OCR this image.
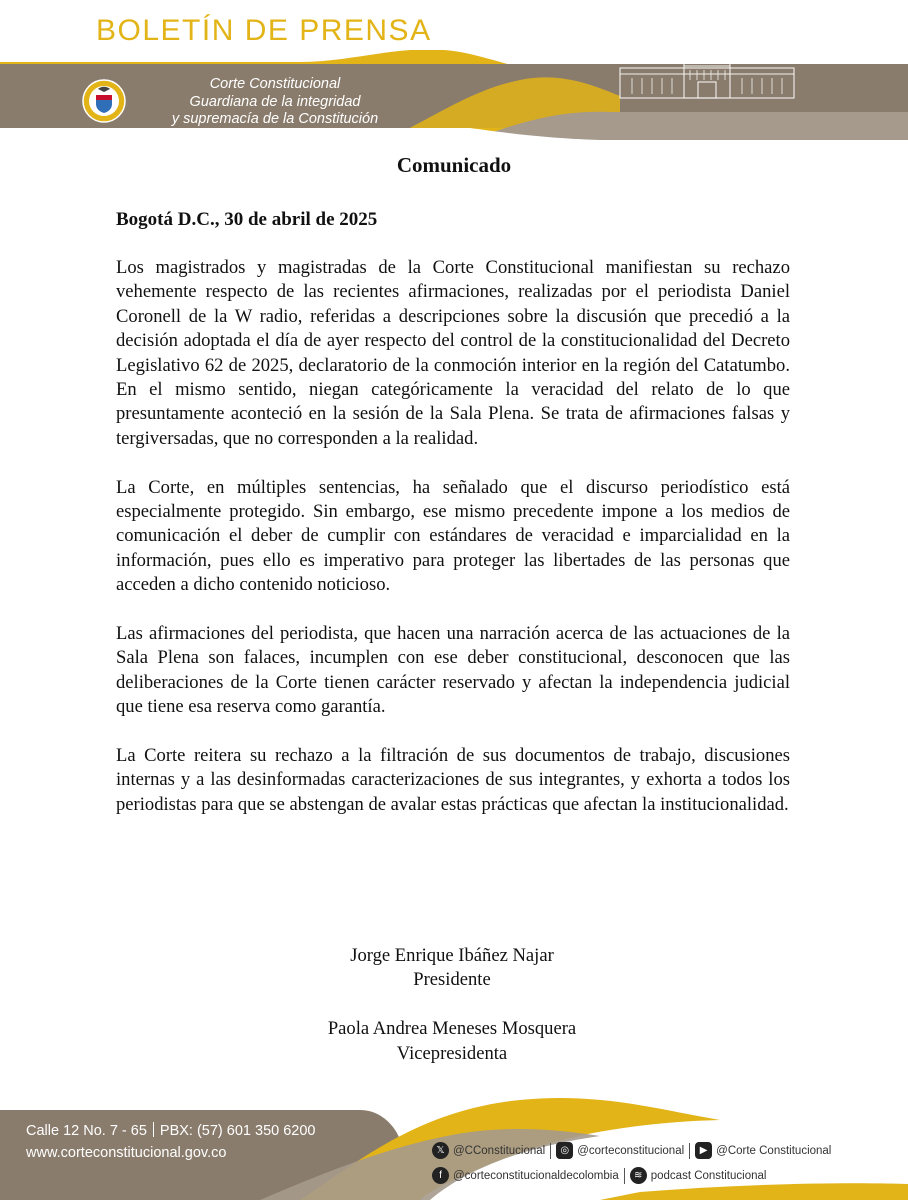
BOLETÍN DE PRENSA
Corte Constitucional
Guardiana de la integridad
y supremacía de la Constitución
Comunicado

Bogotá D.C., 30 de abril de 2025

Los magistrados y magistradas de la Corte Constitucional manifiestan su rechazo vehemente respecto de las recientes afirmaciones, realizadas por el periodista Daniel Coronell de la W radio, referidas a descripciones sobre la discusión que precedió a la decisión adoptada el día de ayer respecto del control de la constitucionalidad del Decreto Legislativo 62 de 2025, declaratorio de la conmoción interior en la región del Catatumbo. En el mismo sentido, niegan categóricamente la veracidad del relato de lo que presuntamente aconteció en la sesión de la Sala Plena. Se trata de afirmaciones falsas y tergiversadas, que no corresponden a la realidad.

La Corte, en múltiples sentencias, ha señalado que el discurso periodístico está especialmente protegido. Sin embargo, ese mismo precedente impone a los medios de comunicación el deber de cumplir con estándares de veracidad e imparcialidad en la información, pues ello es imperativo para proteger las libertades de las personas que acceden a dicho contenido noticioso.

Las afirmaciones del periodista, que hacen una narración acerca de las actuaciones de la Sala Plena son falaces, incumplen con ese deber constitucional, desconocen que las deliberaciones de la Corte tienen carácter reservado y afectan la independencia judicial que tiene esa reserva como garantía.

La Corte reitera su rechazo a la filtración de sus documentos de trabajo, discusiones internas y a las desinformadas caracterizaciones de sus integrantes, y exhorta a todos los periodistas para que se abstengan de avalar estas prácticas que afectan la institucionalidad.

Jorge Enrique Ibáñez Najar
Presidente
Paola Andrea Meneses Mosquera
Vicepresidenta
Calle 12 No. 7 - 65 PBX: (57) 601 350 6200
www.corteconstitucional.gov.co	𝕏 @CConstitucional	◎ @corteconstitucional	▶ @Corte Constitucional
f @corteconstitucionaldecolombia	≋ podcast Constitucional
